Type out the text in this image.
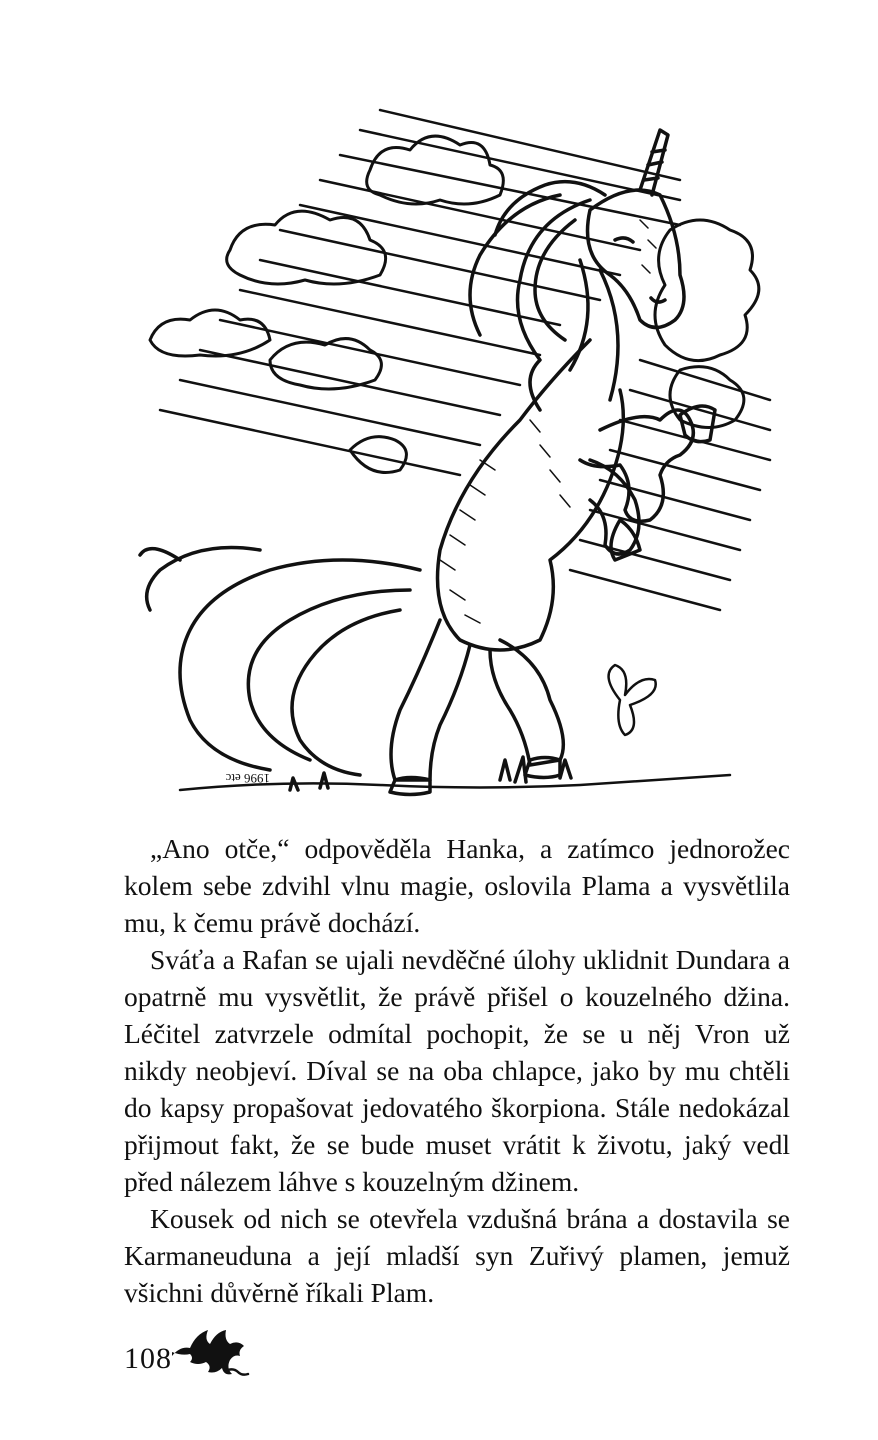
1996 etc

„Ano otče,“ odpověděla Hanka, a zatímco jednorožec kolem sebe zdvihl vlnu magie, oslovila Plama a vysvětlila mu, k čemu právě dochází.

Sváťa a Rafan se ujali nevděčné úlohy uklidnit Dundara a opatrně mu vysvětlit, že právě přišel o kouzelného džina. Léčitel zatvrzele odmítal pochopit, že se u něj Vron už nikdy neobjeví. Díval se na oba chlapce, jako by mu chtěli do kapsy propašovat jedovatého škorpiona. Stále nedokázal přijmout fakt, že se bude muset vrátit k životu, jaký vedl před nálezem láhve s kouzelným džinem.

Kousek od nich se otevřela vzdušná brána a dostavila se Karmaneuduna a její mladší syn Zuřivý plamen, jemuž všichni důvěrně říkali Plam.

108
